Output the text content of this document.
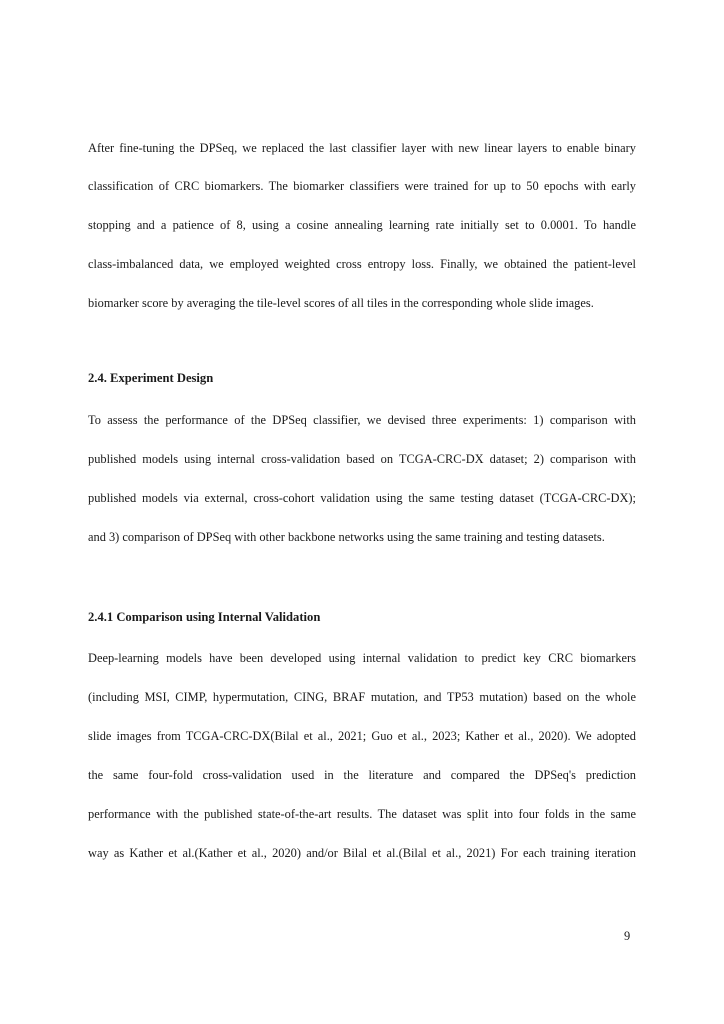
After fine-tuning the DPSeq, we replaced the last classifier layer with new linear layers to enable binary
classification of CRC biomarkers. The biomarker classifiers were trained for up to 50 epochs with early
stopping and a patience of 8, using a cosine annealing learning rate initially set to 0.0001. To handle
class-imbalanced data, we employed weighted cross entropy loss. Finally, we obtained the patient-level
biomarker score by averaging the tile-level scores of all tiles in the corresponding whole slide images.
2.4. Experiment Design
To assess the performance of the DPSeq classifier, we devised three experiments: 1) comparison with
published models using internal cross-validation based on TCGA-CRC-DX dataset; 2) comparison with
published models via external, cross-cohort validation using the same testing dataset (TCGA-CRC-DX);
and 3) comparison of DPSeq with other backbone networks using the same training and testing datasets.
2.4.1 Comparison using Internal Validation
Deep-learning models have been developed using internal validation to predict key CRC biomarkers
(including MSI, CIMP, hypermutation, CING, BRAF mutation, and TP53 mutation) based on the whole
slide images from TCGA-CRC-DX(Bilal et al., 2021; Guo et al., 2023; Kather et al., 2020). We adopted
the same four-fold cross-validation used in the literature and compared the DPSeq's prediction
performance with the published state-of-the-art results. The dataset was split into four folds in the same
way as Kather et al.(Kather et al., 2020) and/or Bilal et al.(Bilal et al., 2021) For each training iteration
9
